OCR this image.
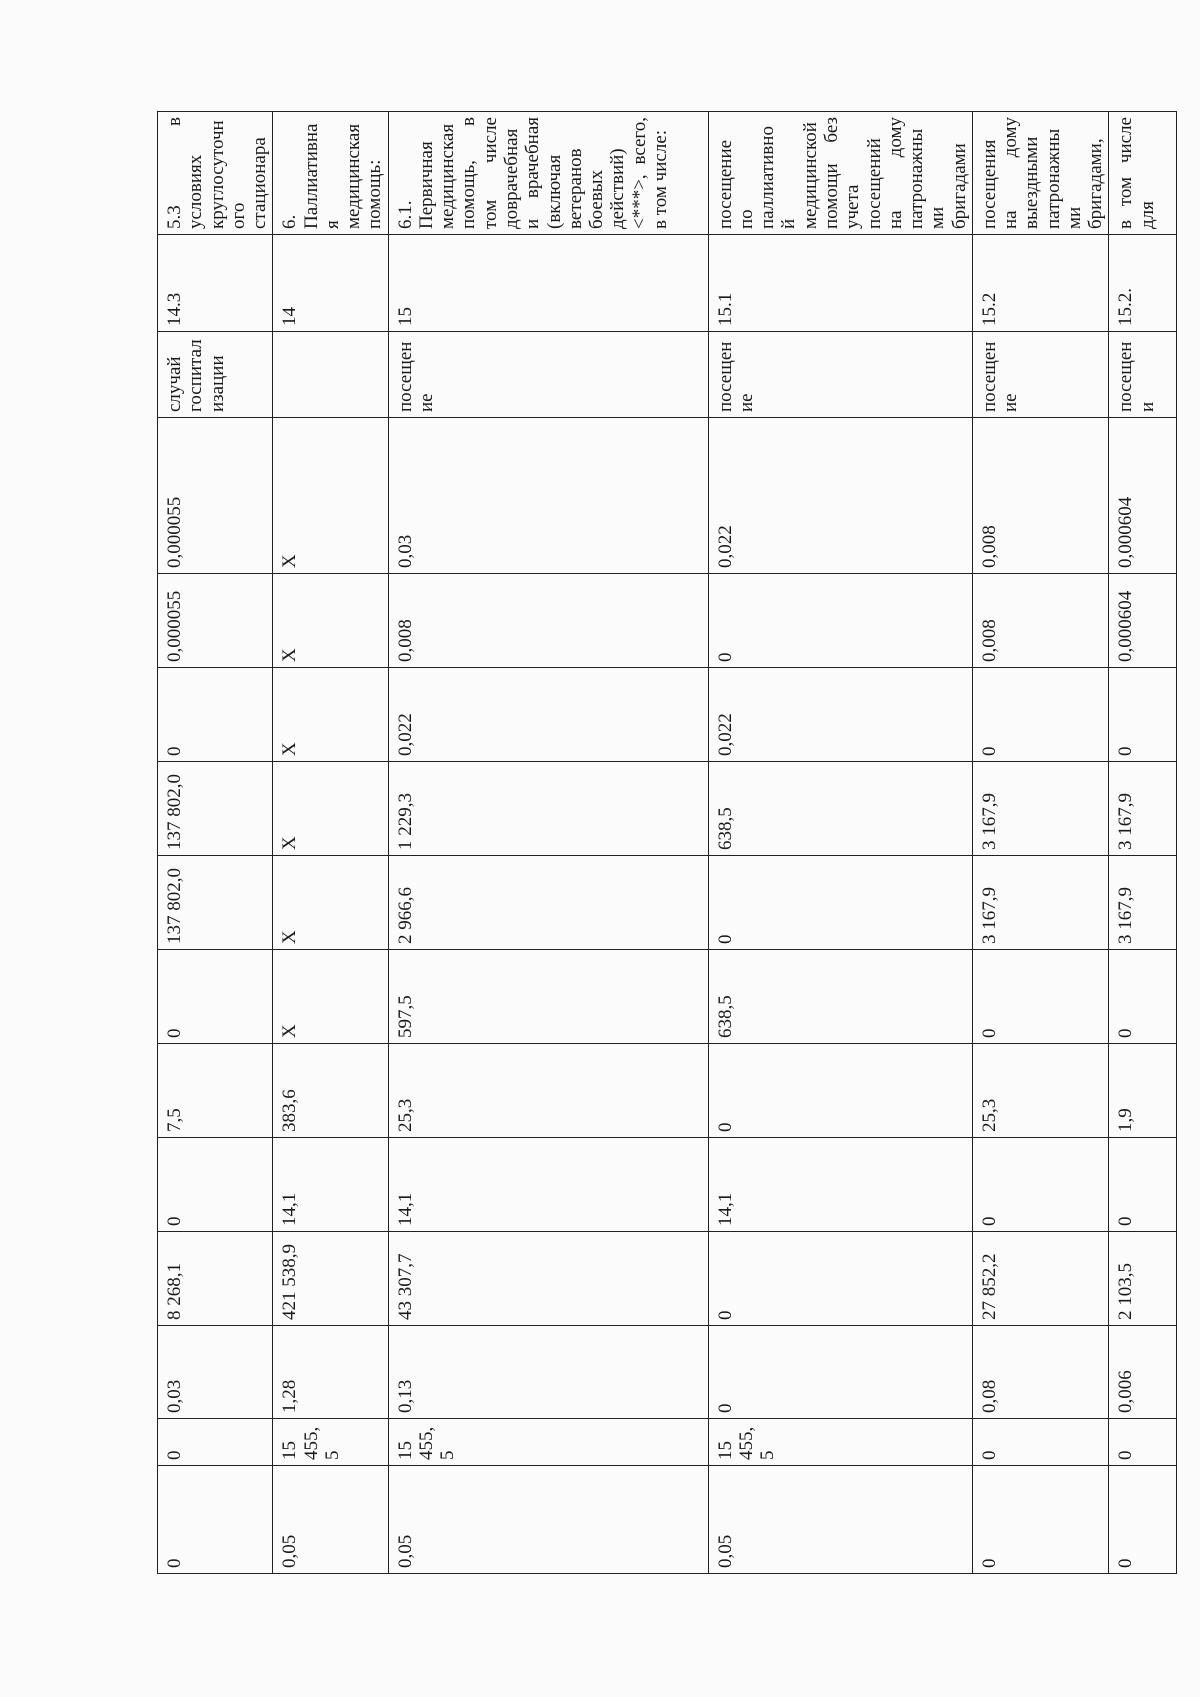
0	0	0,03	8 268,1	0	7,5	0	137 802,0	137 802,0	0	0,000055	0,000055	случай госпитализации	14.3	5.3 в условиях круглосуточного стационара
0,05	15 455,5	1,28	421 538,9	14,1	383,6	X	X	X	X	X	X		14	6. Паллиативная медицинская помощь:
0,05	15 455,5	0,13	43 307,7	14,1	25,3	597,5	2 966,6	1 229,3	0,022	0,008	0,03	посещение	15	6.1. Первичная медицинская помощь, в том числе доврачебная и врачебная (включая ветеранов боевых действий) <***>, всего, в том числе:
0,05	15 455,5	0	0	14,1	0	638,5	0	638,5	0,022	0	0,022	посещение	15.1	посещение по паллиативной медицинской помощи без учета посещений на дому патронажными бригадами
0	0	0,08	27 852,2	0	25,3	0	3 167,9	3 167,9	0	0,008	0,008	посещение	15.2	посещения на дому выездными патронажными бригадами,
0	0	0,006	2 103,5	0	1,9	0	3 167,9	3 167,9	0	0,000604	0,000604	посещени	15.2.	в том числе для
